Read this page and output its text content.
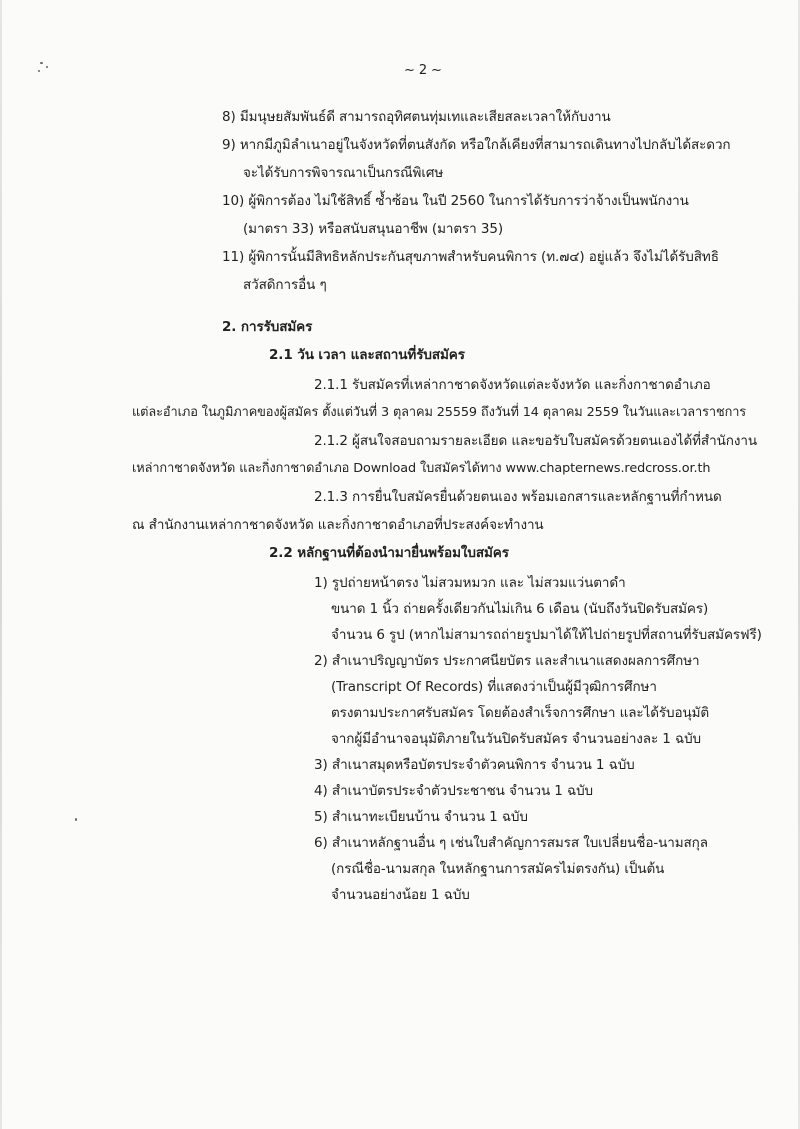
~ 2 ~
8) มีมนุษยสัมพันธ์ดี สามารถอุทิศตนทุ่มเทและเสียสละเวลาให้กับงาน
9) หากมีภูมิลำเนาอยู่ในจังหวัดที่ตนสังกัด หรือใกล้เคียงที่สามารถเดินทางไปกลับได้สะดวก
จะได้รับการพิจารณาเป็นกรณีพิเศษ
10) ผู้พิการต้อง ไม่ใช้สิทธิ์ ซ้ำซ้อน ในปี 2560 ในการได้รับการว่าจ้างเป็นพนักงาน
(มาตรา 33) หรือสนับสนุนอาชีพ (มาตรา 35)
11) ผู้พิการนั้นมีสิทธิหลักประกันสุขภาพสำหรับคนพิการ (ท.๗๔) อยู่แล้ว จึงไม่ได้รับสิทธิ
สวัสดิการอื่น ๆ
2. การรับสมัคร
2.1 วัน เวลา และสถานที่รับสมัคร
2.1.1 รับสมัครที่เหล่ากาชาดจังหวัดแต่ละจังหวัด และกิ่งกาชาดอำเภอ
แต่ละอำเภอ ในภูมิภาคของผู้สมัคร ตั้งแต่วันที่ 3 ตุลาคม 25559 ถึงวันที่ 14 ตุลาคม 2559 ในวันและเวลาราชการ
2.1.2 ผู้สนใจสอบถามรายละเอียด และขอรับใบสมัครด้วยตนเองได้ที่สำนักงาน
เหล่ากาชาดจังหวัด และกิ่งกาชาดอำเภอ Download ใบสมัครได้ทาง www.chapternews.redcross.or.th
2.1.3 การยื่นใบสมัครยื่นด้วยตนเอง พร้อมเอกสารและหลักฐานที่กำหนด
ณ สำนักงานเหล่ากาชาดจังหวัด และกิ่งกาชาดอำเภอที่ประสงค์จะทำงาน
2.2 หลักฐานที่ต้องนำมายื่นพร้อมใบสมัคร
1) รูปถ่ายหน้าตรง ไม่สวมหมวก และ ไม่สวมแว่นตาดำ
ขนาด 1 นิ้ว ถ่ายครั้งเดียวกันไม่เกิน 6 เดือน (นับถึงวันปิดรับสมัคร)
จำนวน 6 รูป (หากไม่สามารถถ่ายรูปมาได้ให้ไปถ่ายรูปที่สถานที่รับสมัครฟรี)
2) สำเนาปริญญาบัตร ประกาศนียบัตร และสำเนาแสดงผลการศึกษา
(Transcript Of Records) ที่แสดงว่าเป็นผู้มีวุฒิการศึกษา
ตรงตามประกาศรับสมัคร โดยต้องสำเร็จการศึกษา และได้รับอนุมัติ
จากผู้มีอำนาจอนุมัติภายในวันปิดรับสมัคร จำนวนอย่างละ 1 ฉบับ
3) สำเนาสมุดหรือบัตรประจำตัวคนพิการ จำนวน 1 ฉบับ
4) สำเนาบัตรประจำตัวประชาชน จำนวน 1 ฉบับ
5) สำเนาทะเบียนบ้าน จำนวน 1 ฉบับ
6) สำเนาหลักฐานอื่น ๆ เช่นใบสำคัญการสมรส ใบเปลี่ยนชื่อ-นามสกุล
(กรณีชื่อ-นามสกุล ในหลักฐานการสมัครไม่ตรงกัน) เป็นต้น
จำนวนอย่างน้อย 1 ฉบับ
